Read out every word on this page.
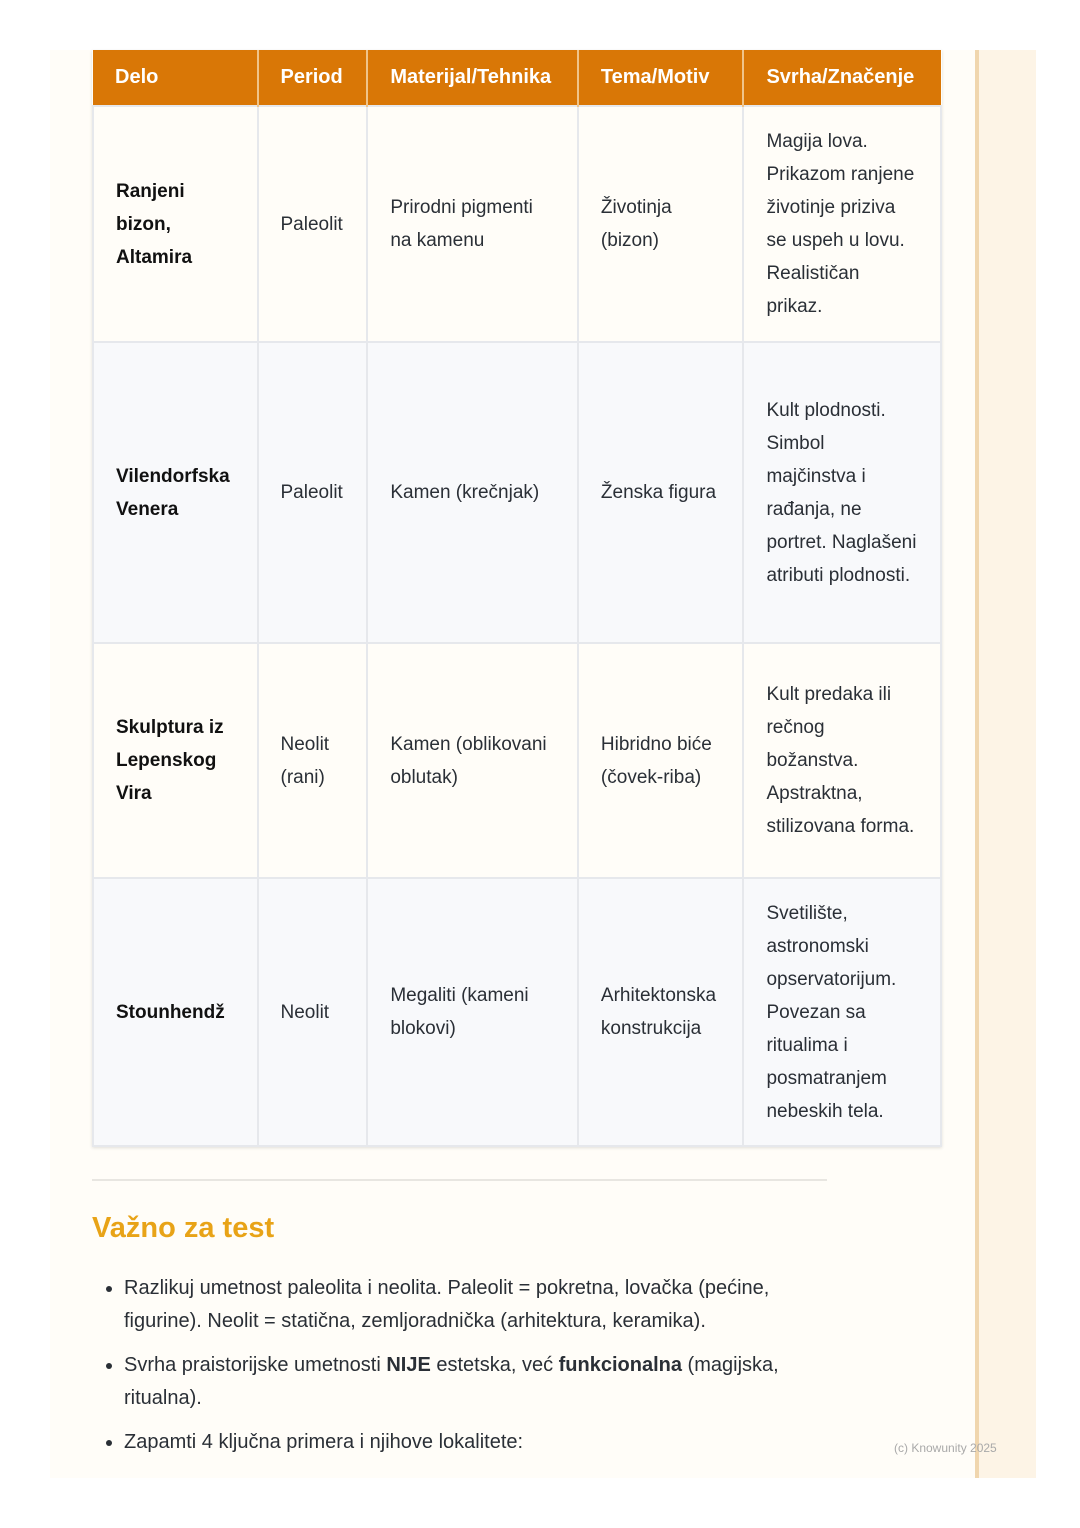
Delo	Period	Materijal/Tehnika	Tema/Motiv	Svrha/Značenje
Ranjeni bizon, Altamira	Paleolit	Prirodni pigmenti na kamenu	Životinja (bizon)	Magija lova. Prikazom ranjene životinje priziva se uspeh u lovu. Realističan prikaz.
Vilendorfska Venera	Paleolit	Kamen (krečnjak)	Ženska figura	Kult plodnosti. Simbol majčinstva i rađanja, ne portret. Naglašeni atributi plodnosti.
Skulptura iz Lepenskog Vira	Neolit (rani)	Kamen (oblikovani oblutak)	Hibridno biće (čovek-riba)	Kult predaka ili rečnog božanstva. Apstraktna, stilizovana forma.
Stounhendž	Neolit	Megaliti (kameni blokovi)	Arhitektonska konstrukcija	Svetilište, astronomski opservatorijum. Povezan sa ritualima i posmatranjem nebeskih tela.
Važno za test
• Razlikuj umetnost paleolita i neolita. Paleolit = pokretna, lovačka (pećine, figurine). Neolit = statična, zemljoradnička (arhitektura, keramika).
• Svrha praistorijske umetnosti NIJE estetska, već funkcionalna (magijska, ritualna).
• Zapamti 4 ključna primera i njihove lokalitete:	(c) Knowunity 2025
